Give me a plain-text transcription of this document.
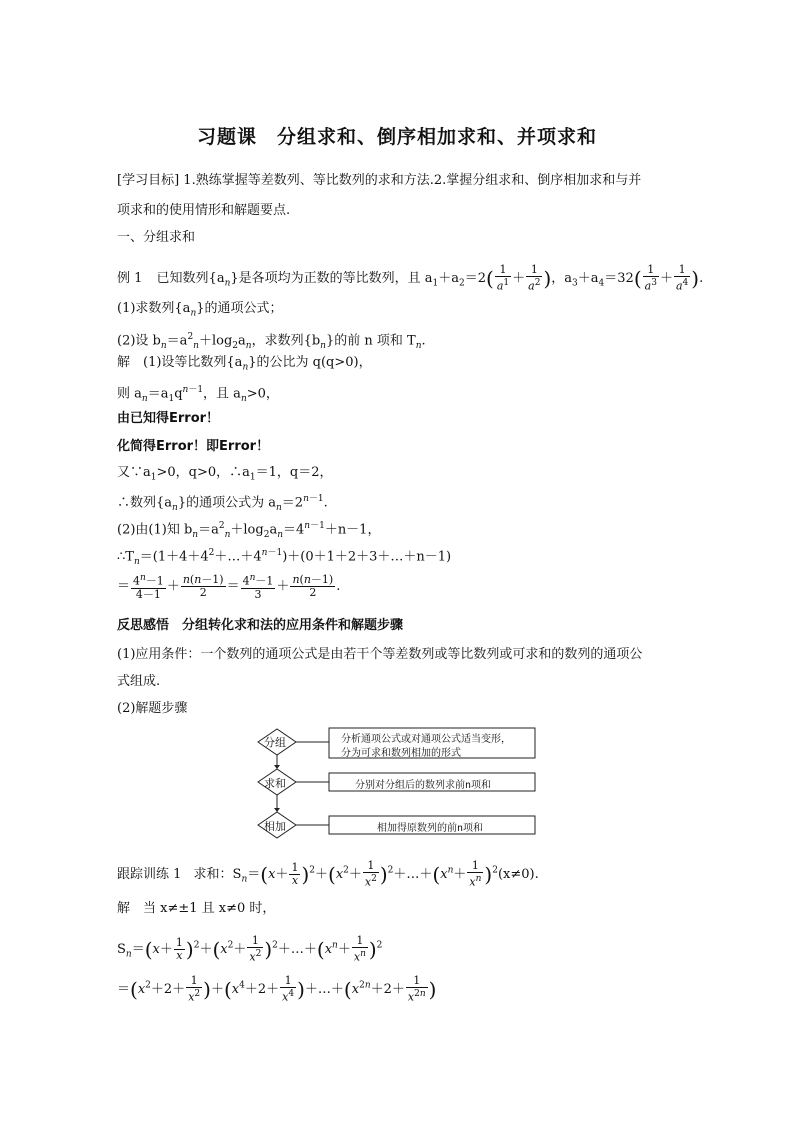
习题课　分组求和、倒序相加求和、并项求和
[学习目标] 1.熟练掌握等差数列、等比数列的求和方法.2.掌握分组求和、倒序相加求和与并
项求和的使用情形和解题要点.
一、分组求和
例 1 已知数列$\{a_n\}$是各项均为正数的等比数列，且 $a_1+a_2=2( \frac{1}{a^1} + \frac{1}{a^2}$ )，$a_3+a_4=32( \frac{1}{a^3} + \frac{1}{a^4}$ ).
(1)求数列$\{a_n\}$的通项公式；
(2)设 $b_n=a^2_n+\log_2a_n$，求数列$\{b_n\}$的前 n 项和 $T_n$.
解　(1)设等比数列$\{a_n\}$的公比为 q(q>0)，
则 $a_n=a_1q^{n-1}$，且 $a_n>0$，
由已知得Error！
化简得Error！即Error！
又$\because a_1>0$，q>0，$\therefore a_1=1$，q＝2，
∴数列$\{a_n\}$的通项公式为 $a_n=2^{n-1}$.
(2)由(1)知 $b_n=a^2_n+\log_2a_n=4^{n-1}+n-1$，
$\therefore T_n=(1+4+4^2+\dots+4^{n-1})+(0+1+2+3+\dots+n-1)$
＝ $\frac{4^n-1}{4-1} + \frac{n(n-1)}{2} = \frac{4^n-1}{3} + \frac{n(n-1)}{2}$ .
反思感悟　分组转化求和法的应用条件和解题步骤
(1)应用条件：一个数列的通项公式是由若干个等差数列或等比数列或可求和的数列的通项公
式组成.
(2)解题步骤
分组
求和
相加
分析通项公式或对通项公式适当变形，
分为可求和数列相加的形式
分别对分组后的数列求前n项和
相加得原数列的前n项和
跟踪训练 1 求和：$S_n=(x+ \frac{1}{x} )^2+(x^2+ \frac{1}{x^2}$ )$^2+\dots+(x^n+ \frac{1}{x^n} )^2(x\ne 0)$.
解　当 x≠±1 且 x≠0 时，
$S_n=(x+ \frac{1}{x} )^2+(x^2+ \frac{1}{x^2}$ )$^2+\dots+(x^n+ \frac{1}{x^n} )^2$
$=(x^2+2+ \frac{1}{x^2} )+(x^4+2+ \frac{1}{x^4}$ )$+\dots+(x^{2n}+2+ \frac{1}{x^{2n}}$ )
